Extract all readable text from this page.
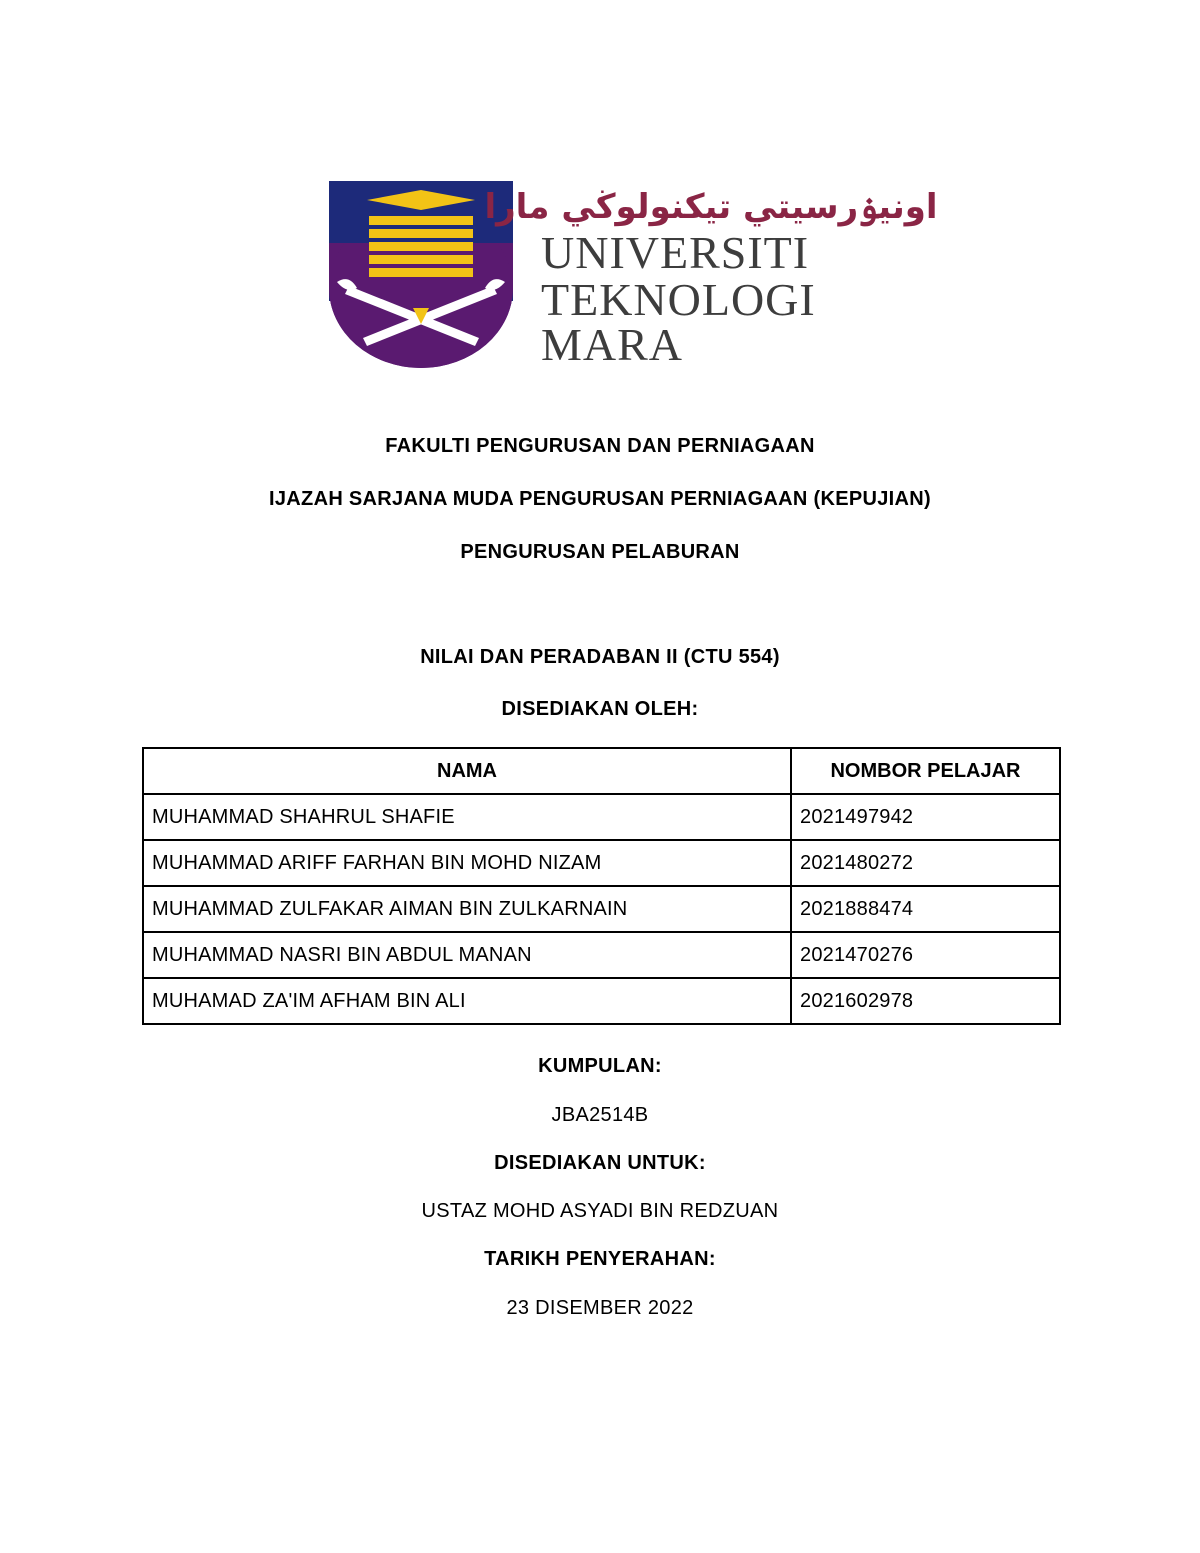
اونيۏرسيتي تيکنولوڬي مارا
UNIVERSITI
TEKNOLOGI
MARA
FAKULTI PENGURUSAN DAN PERNIAGAAN
IJAZAH SARJANA MUDA PENGURUSAN PERNIAGAAN (KEPUJIAN)
PENGURUSAN PELABURAN
NILAI DAN PERADABAN II (CTU 554)
DISEDIAKAN OLEH:
NAMA	NOMBOR PELAJAR
MUHAMMAD SHAHRUL SHAFIE	2021497942
MUHAMMAD ARIFF FARHAN BIN MOHD NIZAM	2021480272
MUHAMMAD ZULFAKAR AIMAN BIN ZULKARNAIN	2021888474
MUHAMMAD NASRI BIN ABDUL MANAN	2021470276
MUHAMAD ZA'IM AFHAM BIN ALI	2021602978
KUMPULAN:
JBA2514B
DISEDIAKAN UNTUK:
USTAZ MOHD ASYADI BIN REDZUAN
TARIKH PENYERAHAN:
23 DISEMBER 2022
